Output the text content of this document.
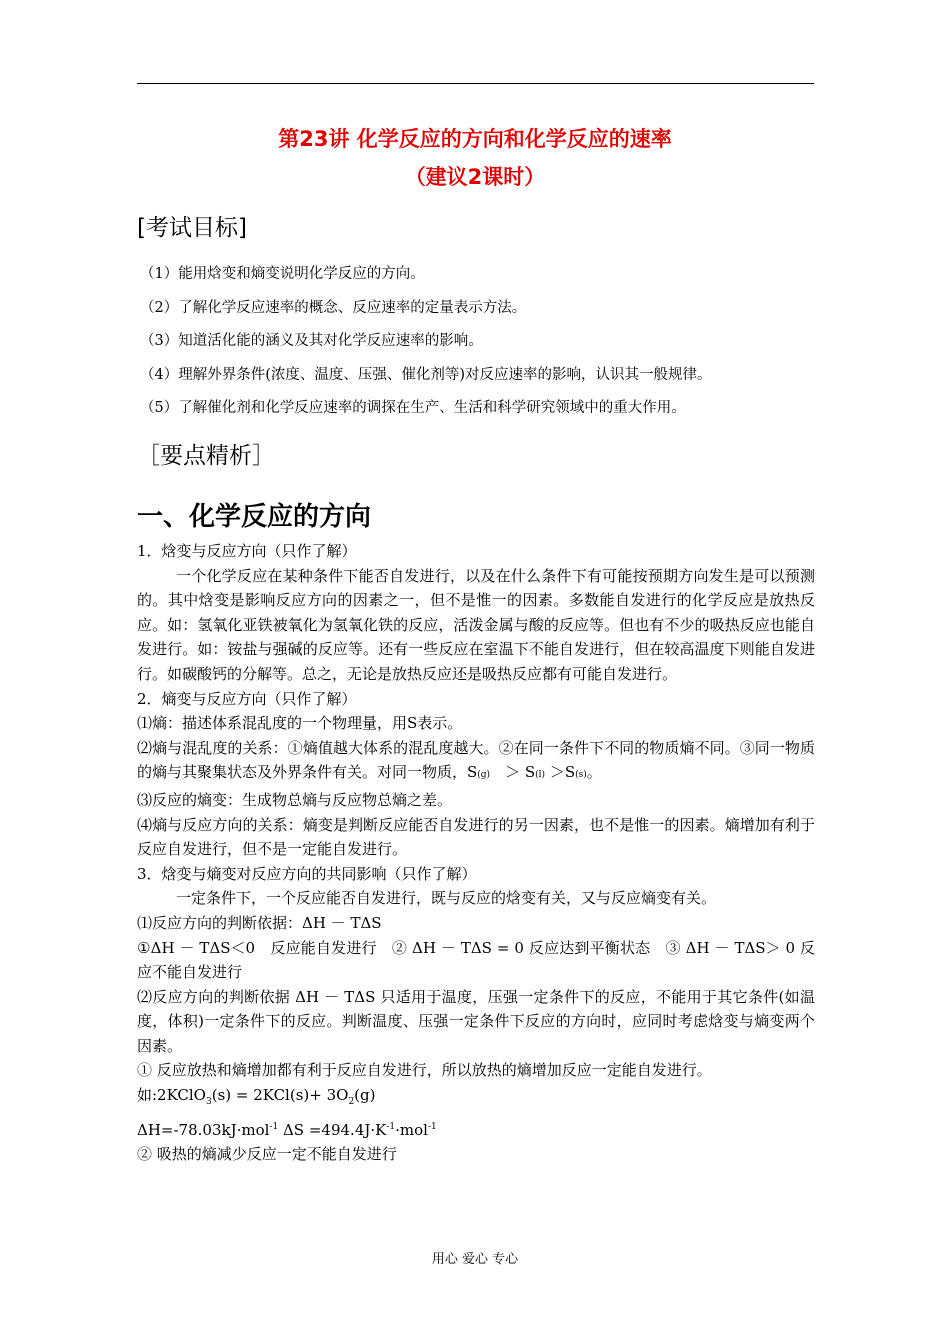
第23讲 化学反应的方向和化学反应的速率
（建议2课时）
[考试目标]
（1）能用焓变和熵变说明化学反应的方向。
（2）了解化学反应速率的概念、反应速率的定量表示方法。
（3）知道活化能的涵义及其对化学反应速率的影响。
（4）理解外界条件(浓度、温度、压强、催化剂等)对反应速率的影响，认识其一般规律。
（5）了解催化剂和化学反应速率的调探在生产、生活和科学研究领域中的重大作用。
［要点精析］
一、化学反应的方向

1．焓变与反应方向（只作了解）

一个化学反应在某种条件下能否自发进行，以及在什么条件下有可能按预期方向发生是可以预测的。其中焓变是影响反应方向的因素之一，但不是惟一的因素。多数能自发进行的化学反应是放热反应。如：氢氧化亚铁被氧化为氢氧化铁的反应，活泼金属与酸的反应等。但也有不少的吸热反应也能自发进行。如：铵盐与强碱的反应等。还有一些反应在室温下不能自发进行，但在较高温度下则能自发进行。如碳酸钙的分解等。总之，无论是放热反应还是吸热反应都有可能自发进行。

2．熵变与反应方向（只作了解）

⑴熵：描述体系混乱度的一个物理量，用S表示。

⑵熵与混乱度的关系：①熵值越大体系的混乱度越大。②在同一条件下不同的物质熵不同。③同一物质的熵与其聚集状态及外界条件有关。对同一物质，S(g)　 ＞ S(l) ＞S(s)。

⑶反应的熵变：生成物总熵与反应物总熵之差。

⑷熵与反应方向的关系：熵变是判断反应能否自发进行的另一因素，也不是惟一的因素。熵增加有利于反应自发进行，但不是一定能自发进行。

3．焓变与熵变对反应方向的共同影响（只作了解）

一定条件下，一个反应能否自发进行，既与反应的焓变有关，又与反应熵变有关。

⑴反应方向的判断依据：ΔH － TΔS

①ΔH － TΔS＜0　反应能自发进行　② ΔH － TΔS = 0 反应达到平衡状态　③ ΔH － TΔS＞ 0 反应不能自发进行

⑵反应方向的判断依据 ΔH － TΔS 只适用于温度，压强一定条件下的反应，不能用于其它条件(如温度，体积)一定条件下的反应。判断温度、压强一定条件下反应的方向时，应同时考虑焓变与熵变两个因素。

① 反应放热和熵增加都有利于反应自发进行，所以放热的熵增加反应一定能自发进行。

如:2KClO$_3$(s) = $2KCl(s)+ 3O_2(g)$

ΔH=-78.03kJ·mol$^{-1}$ $\Delta S =494.4J\cdot K^{-1}\cdot mol^{-1}$

② 吸热的熵减少反应一定不能自发进行

用心 爱心 专心
